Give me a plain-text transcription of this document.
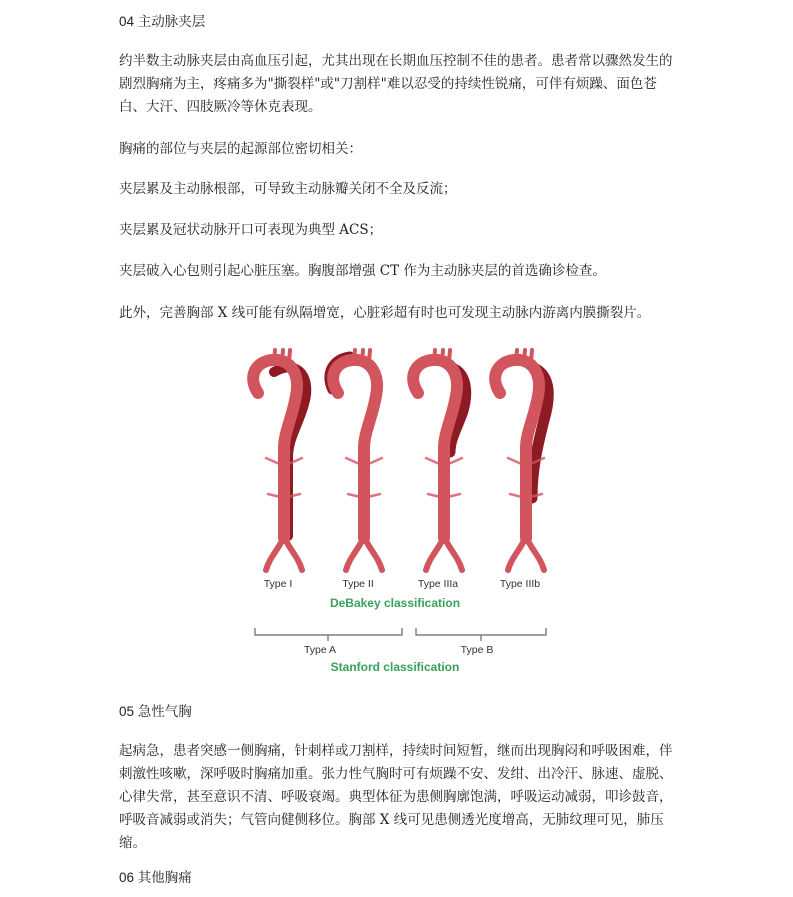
04 主动脉夹层

约半数主动脉夹层由高血压引起，尤其出现在长期血压控制不佳的患者。患者常以骤然发生的剧烈胸痛为主，疼痛多为"撕裂样"或"刀割样"难以忍受的持续性锐痛，可伴有烦躁、面色苍白、大汗、四肢厥冷等休克表现。

胸痛的部位与夹层的起源部位密切相关：

夹层累及主动脉根部，可导致主动脉瓣关闭不全及反流；

夹层累及冠状动脉开口可表现为典型 ACS；

夹层破入心包则引起心脏压塞。胸腹部增强 CT 作为主动脉夹层的首选确诊检查。

此外，完善胸部 X 线可能有纵隔增宽，心脏彩超有时也可发现主动脉内游离内膜撕裂片。

Type I	Type II	Type IIIa	Type IIIb
DeBakey classification
Type A	Type B
Stanford classification

05 急性气胸

起病急，患者突感一侧胸痛，针刺样或刀割样，持续时间短暂，继而出现胸闷和呼吸困难，伴刺激性咳嗽，深呼吸时胸痛加重。张力性气胸时可有烦躁不安、发绀、出冷汗、脉速、虚脱、心律失常，甚至意识不清、呼吸衰竭。典型体征为患侧胸廓饱满，呼吸运动减弱，叩诊鼓音，呼吸音减弱或消失；气管向健侧移位。胸部 X 线可见患侧透光度增高，无肺纹理可见，肺压缩。

06 其他胸痛
